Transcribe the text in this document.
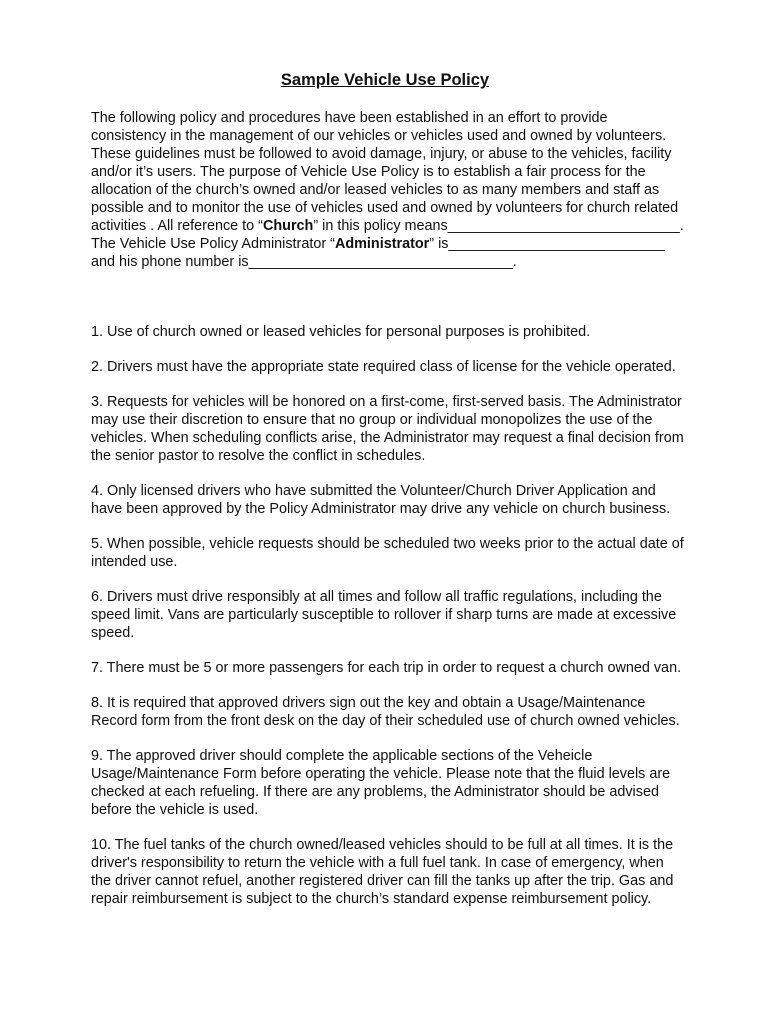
Sample Vehicle Use Policy
The following policy and procedures have been established in an effort to provide
consistency in the management of our vehicles or vehicles used and owned by volunteers.
These guidelines must be followed to avoid damage, injury, or abuse to the vehicles, facility
and/or it’s users. The purpose of Vehicle Use Policy is to establish a fair process for the
allocation of the church’s owned and/or leased vehicles to as many members and staff as
possible and to monitor the use of vehicles used and owned by volunteers for church related
activities . All reference to “Church” in this policy means_____________________________.
The Vehicle Use Policy Administrator “Administrator” is___________________________
and his phone number is_________________________________.
1. Use of church owned or leased vehicles for personal purposes is prohibited.
2. Drivers must have the appropriate state required class of license for the vehicle operated.
3. Requests for vehicles will be honored on a first-come, first-served basis. The Administrator
may use their discretion to ensure that no group or individual monopolizes the use of the
vehicles. When scheduling conflicts arise, the Administrator may request a final decision from
the senior pastor to resolve the conflict in schedules.
4. Only licensed drivers who have submitted the Volunteer/Church Driver Application and
have been approved by the Policy Administrator may drive any vehicle on church business.
5. When possible, vehicle requests should be scheduled two weeks prior to the actual date of
intended use.
6. Drivers must drive responsibly at all times and follow all traffic regulations, including the
speed limit. Vans are particularly susceptible to rollover if sharp turns are made at excessive
speed.
7. There must be 5 or more passengers for each trip in order to request a church owned van.
8. It is required that approved drivers sign out the key and obtain a Usage/Maintenance
Record form from the front desk on the day of their scheduled use of church owned vehicles.
9. The approved driver should complete the applicable sections of the Veheicle
Usage/Maintenance Form before operating the vehicle. Please note that the fluid levels are
checked at each refueling. If there are any problems, the Administrator should be advised
before the vehicle is used.
10. The fuel tanks of the church owned/leased vehicles should to be full at all times. It is the
driver's responsibility to return the vehicle with a full fuel tank. In case of emergency, when
the driver cannot refuel, another registered driver can fill the tanks up after the trip. Gas and
repair reimbursement is subject to the church’s standard expense reimbursement policy.
